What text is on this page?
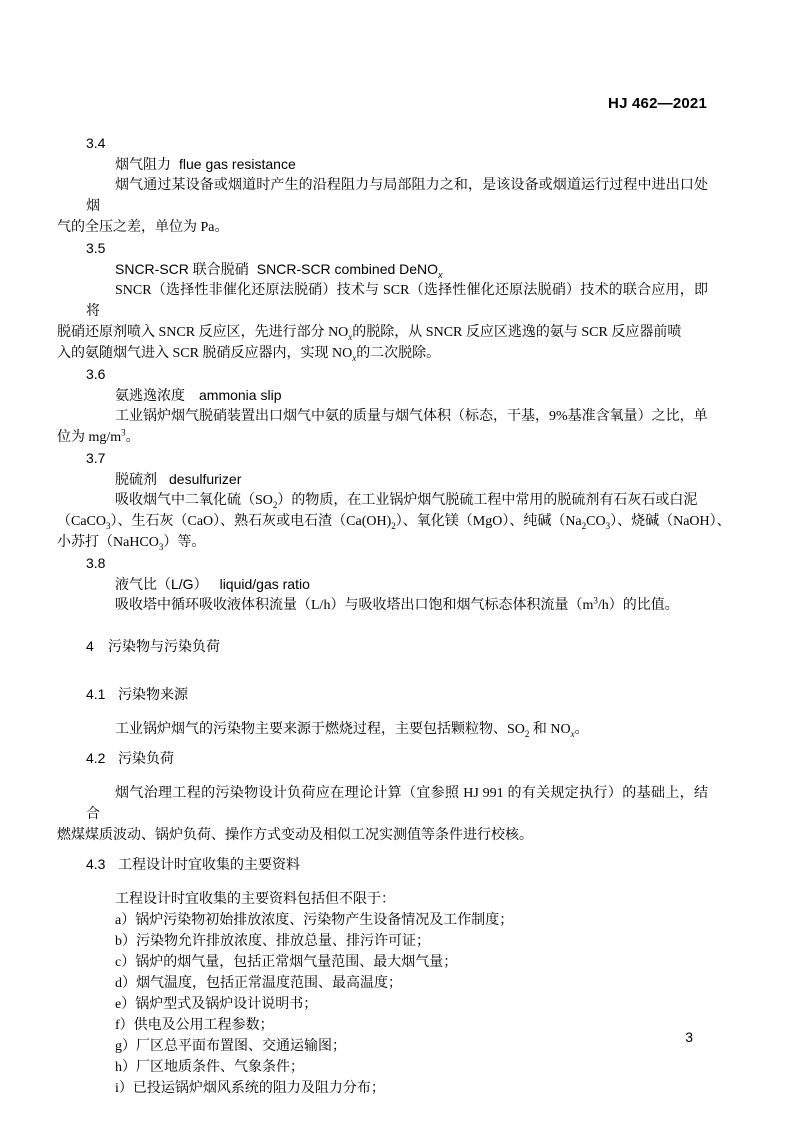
HJ 462—2021
3.4
烟气阻力 flue gas resistance

烟气通过某设备或烟道时产生的沿程阻力与局部阻力之和，是该设备或烟道运行过程中进出口处烟
气的全压之差，单位为 Pa。

3.5
SNCR-SCR 联合脱硝 SNCR-SCR combined DeNO$_x$

SNCR（选择性非催化还原法脱硝）技术与 SCR（选择性催化还原法脱硝）技术的联合应用，即将
脱硝还原剂喷入 SNCR 反应区，先进行部分 $NO_x$的脱除，从 SNCR 反应区逃逸的氨与 SCR 反应器前喷
入的氨随烟气进入 SCR 脱硝反应器内，实现 $NO_x$的二次脱除。

3.6
氨逃逸浓度 ammonia slip

工业锅炉烟气脱硝装置出口烟气中氨的质量与烟气体积（标态，干基，9%基准含氧量）之比，单
位为 $mg/m^3$。

3.7
脱硫剂 desulfurizer

吸收烟气中二氧化硫$(SO_2)$的物质，在工业锅炉烟气脱硫工程中常用的脱硫剂有石灰石或白泥
（CaCO$_3$）、生石灰（CaO）、熟石灰或电石渣$(Ca(OH)_2)$、氧化镁（MgO）、纯碱$(Na_2CO_3)$、烧碱（NaOH）、
小苏打（NaHCO$_3$）等。

3.8
液气比（L/G） liquid/gas ratio

吸收塔中循环吸收液体积流量（L/h）与吸收塔出口饱和烟气标态体积流量$(m^3/h)$的比值。

4 污染物与污染负荷
4.1 污染物来源

工业锅炉烟气的污染物主要来源于燃烧过程，主要包括颗粒物、$SO_2$ 和 $NO_x$。

4.2 污染负荷

烟气治理工程的污染物设计负荷应在理论计算（宜参照 HJ 991 的有关规定执行）的基础上，结合
燃煤煤质波动、锅炉负荷、操作方式变动及相似工况实测值等条件进行校核。

4.3 工程设计时宜收集的主要资料

工程设计时宜收集的主要资料包括但不限于：

a）锅炉污染物初始排放浓度、污染物产生设备情况及工作制度；
b）污染物允许排放浓度、排放总量、排污许可证；
c）锅炉的烟气量，包括正常烟气量范围、最大烟气量；
d）烟气温度，包括正常温度范围、最高温度；
e）锅炉型式及锅炉设计说明书；
f）供电及公用工程参数；
g）厂区总平面布置图、交通运输图；
h）厂区地质条件、气象条件；
i）已投运锅炉烟风系统的阻力及阻力分布；
3
